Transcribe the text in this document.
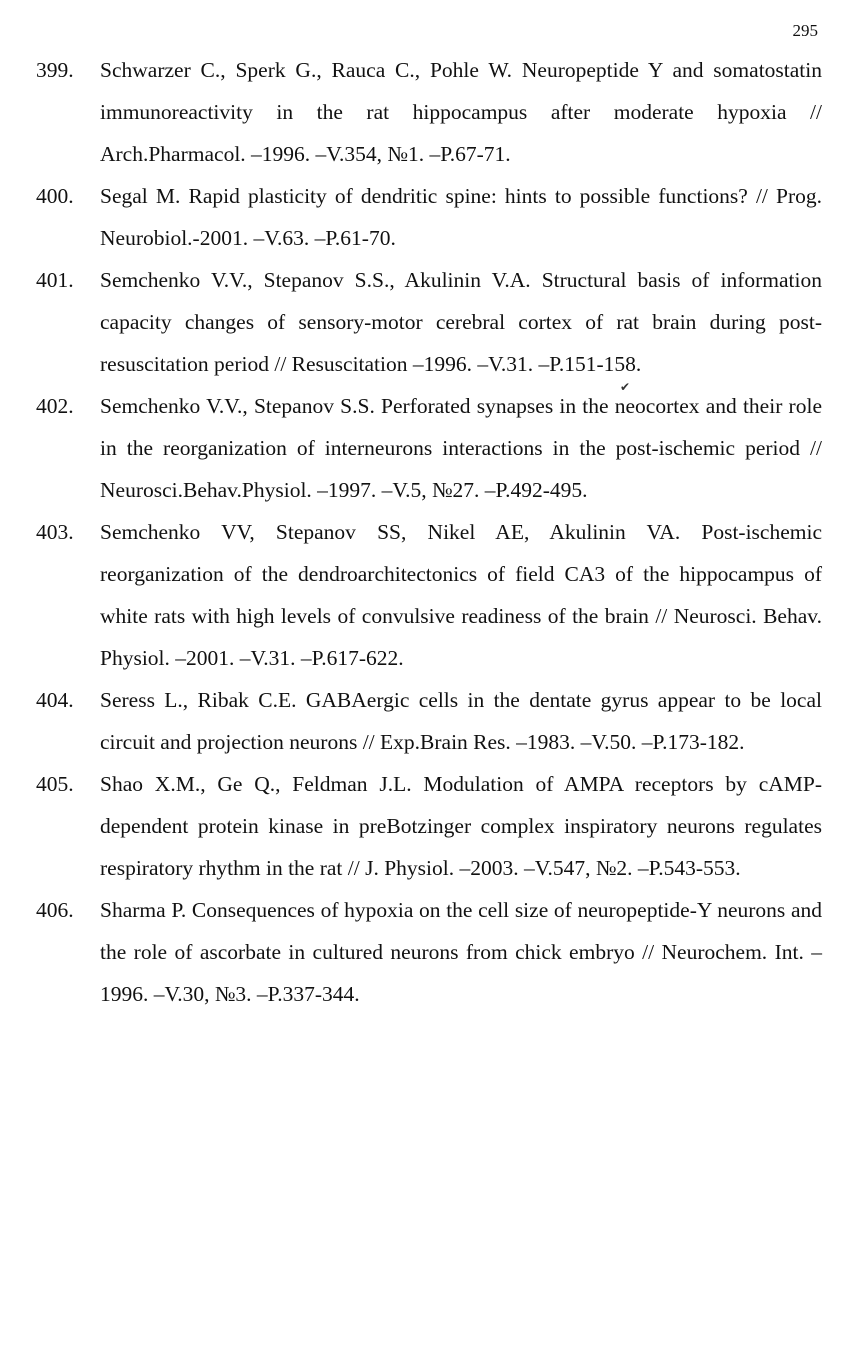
295
399. Schwarzer C., Sperk G., Rauca C., Pohle W. Neuropeptide Y and somatostatin immunoreactivity in the rat hippocampus after moderate hypoxia // Arch.Pharmacol. –1996. –V.354, №1. –P.67-71.
400. Segal M. Rapid plasticity of dendritic spine: hints to possible functions? // Prog. Neurobiol.-2001. –V.63. –P.61-70.
401. Semchenko V.V., Stepanov S.S., Akulinin V.A. Structural basis of information capacity changes of sensory-motor cerebral cortex of rat brain during post-resuscitation period // Resuscitation –1996. –V.31. –P.151-158.
402. Semchenko V.V., Stepanov S.S. Perforated synapses in the neocortex and their role in the reorganization of interneurons interactions in the post-ischemic period // Neurosci.Behav.Physiol. –1997. –V.5, №27. –P.492-495.
403. Semchenko VV, Stepanov SS, Nikel AE, Akulinin VA. Post-ischemic reorganization of the dendroarchitectonics of field CA3 of the hippocampus of white rats with high levels of convulsive readiness of the brain // Neurosci. Behav. Physiol. –2001. –V.31. –P.617-622.
404. Seress L., Ribak C.E. GABAergic cells in the dentate gyrus appear to be local circuit and projection neurons // Exp.Brain Res. –1983. –V.50. –P.173-182.
405. Shao X.M., Ge Q., Feldman J.L. Modulation of AMPA receptors by cAMP-dependent protein kinase in preBotzinger complex inspiratory neurons regulates respiratory rhythm in the rat // J. Physiol. –2003. –V.547, №2. –P.543-553.
406. Sharma P. Consequences of hypoxia on the cell size of neuropeptide-Y neurons and the role of ascorbate in cultured neurons from chick embryo // Neurochem. Int. –1996. –V.30, №3. –P.337-344.
✔
